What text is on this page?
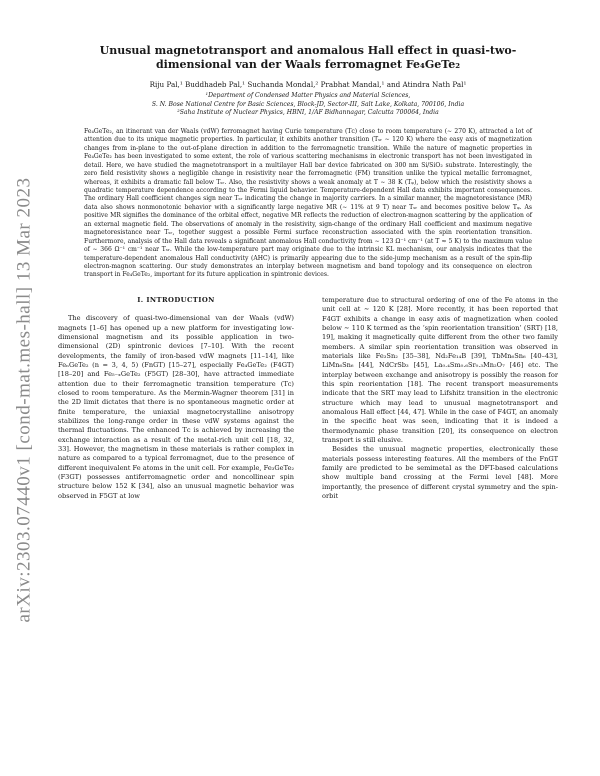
arXiv:2303.07440v1 [cond-mat.mes-hall] 13 Mar 2023
Unusual magnetotransport and anomalous Hall effect in quasi-two-dimensional van der Waals ferromagnet Fe₄GeTe₂

Riju Pal,¹ Buddhadeb Pal,¹ Suchanda Mondal,² Prabhat Mandal,¹ and Atindra Nath Pal¹

¹Department of Condensed Matter Physics and Material Sciences,

S. N. Bose National Centre for Basic Sciences, Block-JD, Sector-III, Salt Lake, Kolkata, 700106, India

²Saha Institute of Nuclear Physics, HBNI, 1/AF Bidhannagar, Calcutta 700064, India

Fe₄GeTe₂, an itinerant van der Waals (vdW) ferromagnet having Curie temperature (Tᴄ) close to room temperature (∼ 270 K), attracted a lot of attention due to its unique magnetic properties. In particular, it exhibits another transition (Tₛᵣ ∼ 120 K) where the easy axis of magnetization changes from in-plane to the out-of-plane direction in addition to the ferromagnetic transition. While the nature of magnetic properties in Fe₄GeTe₂ has been investigated to some extent, the role of various scattering mechanisms in electronic transport has not been investigated in detail. Here, we have studied the magnetotransport in a multilayer Hall bar device fabricated on 300 nm Si/SiO₂ substrate. Interestingly, the zero field resistivity shows a negligible change in resistivity near the ferromagnetic (FM) transition unlike the typical metallic ferromagnet, whereas, it exhibits a dramatic fall below Tₛᵣ. Also, the resistivity shows a weak anomaly at T ∼ 38 K (Tᵩ), below which the resistivity shows a quadratic temperature dependence according to the Fermi liquid behavior. Temperature-dependent Hall data exhibits important consequences. The ordinary Hall coefficient changes sign near Tₛᵣ indicating the change in majority carriers. In a similar manner, the magnetoresistance (MR) data also shows nonmonotonic behavior with a significantly large negative MR (∼ 11% at 9 T) near Tₛᵣ and becomes positive below Tᵩ. As positive MR signifies the dominance of the orbital effect, negative MR reflects the reduction of electron-magnon scattering by the application of an external magnetic field. The observations of anomaly in the resistivity, sign-change of the ordinary Hall coefficient and maximum negative magnetoresistance near Tₛᵣ, together suggest a possible Fermi surface reconstruction associated with the spin reorientation transition. Furthermore, analysis of the Hall data reveals a significant anomalous Hall conductivity from ∼ 123 Ω⁻¹ cm⁻¹ (at T ≈ 5 K) to the maximum value of ∼ 366 Ω⁻¹ cm⁻¹ near Tₛᵣ. While the low-temperature part may originate due to the intrinsic KL mechanism, our analysis indicates that the temperature-dependent anomalous Hall conductivity (AHC) is primarily appearing due to the side-jump mechanism as a result of the spin-flip electron-magnon scattering. Our study demonstrates an interplay between magnetism and band topology and its consequence on electron transport in Fe₄GeTe₂, important for its future application in spintronic devices.

I. INTRODUCTION

The discovery of quasi-two-dimensional van der Waals (vdW) magnets [1–6] has opened up a new platform for investigating low-dimensional magnetism and its possible application in two-dimensional (2D) spintronic devices [7–10]. With the recent developments, the family of iron-based vdW magnets [11–14], like FeₙGeTe₂ (n = 3, 4, 5) (FnGT) [15–27], especially Fe₄GeTe₂ (F4GT) [18–20] and Fe₅₋ₓGeTe₂ (F5GT) [28–30], have attracted immediate attention due to their ferromagnetic transition temperature (Tᴄ) closed to room temperature. As the Mermin-Wagner theorem [31] in the 2D limit dictates that there is no spontaneous magnetic order at finite temperature, the uniaxial magnetocrystalline anisotropy stabilizes the long-range order in these vdW systems against the thermal fluctuations. The enhanced Tᴄ is achieved by increasing the exchange interaction as a result of the metal-rich unit cell [18, 32, 33]. However, the magnetism in these materials is rather complex in nature as compared to a typical ferromagnet, due to the presence of different inequivalent Fe atoms in the unit cell. For example, Fe₃GeTe₂ (F3GT) possesses antiferromagnetic order and noncollinear spin structure below 152 K [34], also an unusual magnetic behavior was observed in F5GT at low

temperature due to structural ordering of one of the Fe atoms in the unit cell at ∼ 120 K [28]. More recently, it has been reported that F4GT exhibits a change in easy axis of magnetization when cooled below ∼ 110 K termed as the ‘spin reorientation transition’ (SRT) [18, 19], making it magnetically quite different from the other two family members. A similar spin reorientation transition was observed in materials like Fe₃Sn₂ [35–38], Nd₂Fe₁₄B [39], TbMn₆Sn₆ [40–43], LiMn₆Sn₆ [44], NdCrSb₃ [45], La₀.₄Sm₀.₆Sr₀.₃Mn₂O₇ [46] etc. The interplay between exchange and anisotropy is possibly the reason for this spin reorientation [18]. The recent transport measurements indicate that the SRT may lead to Lifshitz transition in the electronic structure which may lead to unusual magnetotransport and anomalous Hall effect [44, 47]. While in the case of F4GT, an anomaly in the specific heat was seen, indicating that it is indeed a thermodynamic phase transition [20], its consequence on electron transport is still elusive.

Besides the unusual magnetic properties, electronically these materials possess interesting features. All the members of the FnGT family are predicted to be semimetal as the DFT-based calculations show multiple band crossing at the Fermi level [48]. More importantly, the presence of different crystal symmetry and the spin-orbit
